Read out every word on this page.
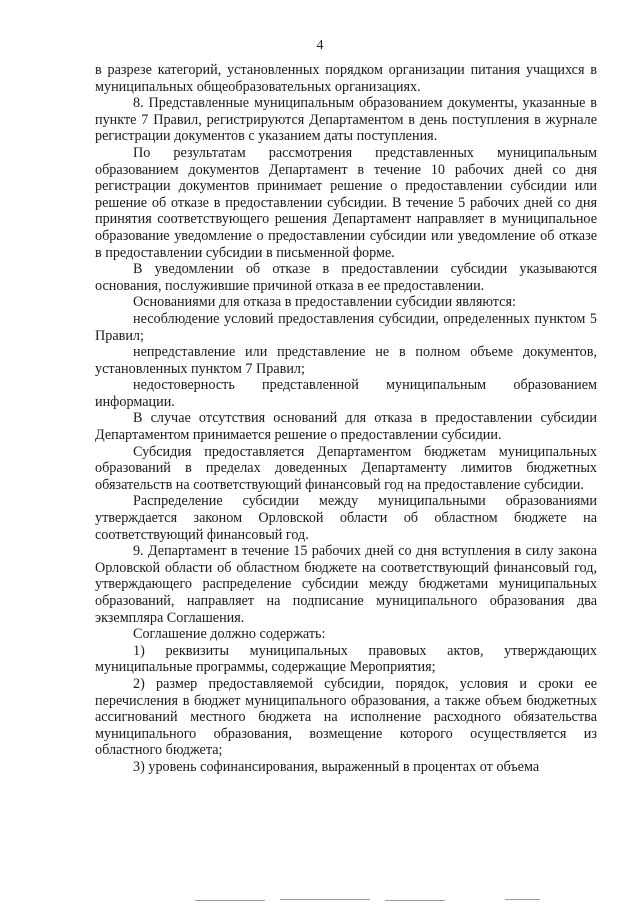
4

в разрезе категорий, установленных порядком организации питания учащихся в муниципальных общеобразовательных организациях.

8. Представленные муниципальным образованием документы, указанные в пункте 7 Правил, регистрируются Департаментом в день поступления в журнале регистрации документов с указанием даты поступления.

По результатам рассмотрения представленных муниципальным образованием документов Департамент в течение 10 рабочих дней со дня регистрации документов принимает решение о предоставлении субсидии или решение об отказе в предоставлении субсидии. В течение 5 рабочих дней со дня принятия соответствующего решения Департамент направляет в муниципальное образование уведомление о предоставлении субсидии или уведомление об отказе в предоставлении субсидии в письменной форме.

В уведомлении об отказе в предоставлении субсидии указываются основания, послужившие причиной отказа в ее предоставлении.

Основаниями для отказа в предоставлении субсидии являются:

несоблюдение условий предоставления субсидии, определенных пунктом 5 Правил;

непредставление или представление не в полном объеме документов, установленных пунктом 7 Правил;

недостоверность представленной муниципальным образованием информации.

В случае отсутствия оснований для отказа в предоставлении субсидии Департаментом принимается решение о предоставлении субсидии.

Субсидия предоставляется Департаментом бюджетам муниципальных образований в пределах доведенных Департаменту лимитов бюджетных обязательств на соответствующий финансовый год на предоставление субсидии.

Распределение субсидии между муниципальными образованиями утверждается законом Орловской области об областном бюджете на соответствующий финансовый год.

9. Департамент в течение 15 рабочих дней со дня вступления в силу закона Орловской области об областном бюджете на соответствующий финансовый год, утверждающего распределение субсидии между бюджетами муниципальных образований, направляет на подписание муниципального образования два экземпляра Соглашения.

Соглашение должно содержать:

1) реквизиты муниципальных правовых актов, утверждающих муниципальные программы, содержащие Мероприятия;

2) размер предоставляемой субсидии, порядок, условия и сроки ее перечисления в бюджет муниципального образования, а также объем бюджетных ассигнований местного бюджета на исполнение расходного обязательства муниципального образования, возмещение которого осуществляется из областного бюджета;

3) уровень софинансирования, выраженный в процентах от объема
